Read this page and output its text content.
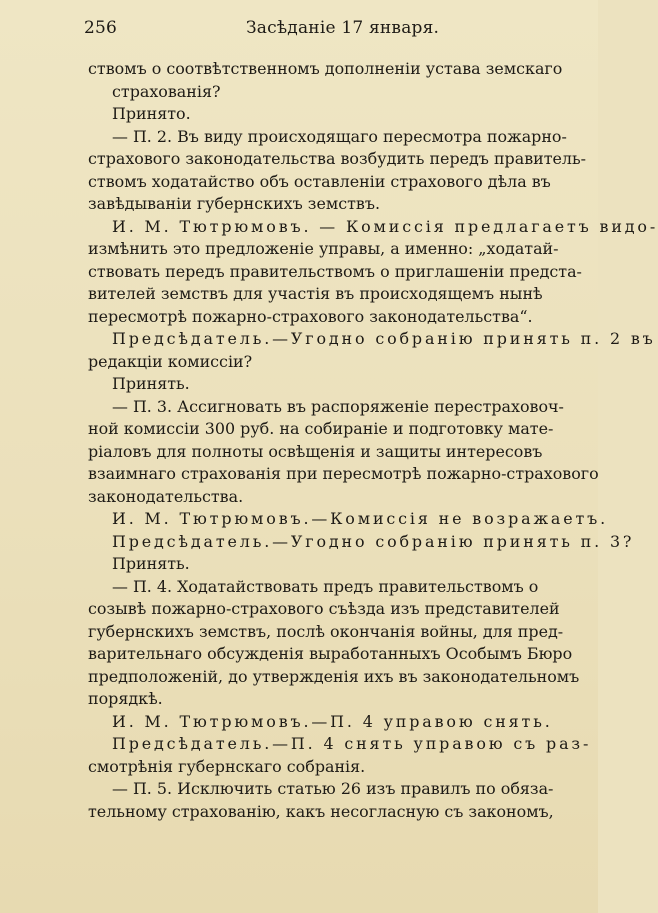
256	Засѣданіе 17 января.
ствомъ о соотвѣтственномъ дополненіи устава земскаго
страхованія?
Принято.
— П. 2. Въ виду происходящаго пересмотра пожарно-
страхового законодательства возбудить передъ правитель-
ствомъ ходатайство объ оставленіи страхового дѣла въ
завѣдываніи губернскихъ земствъ.
И. М. Тютрюмовъ. — Комиссія предлагаетъ видо-
измѣнить это предложеніе управы, а именно: „ходатай-
ствовать передъ правительствомъ о приглашеніи предста-
вителей земствъ для участія въ происходящемъ нынѣ
пересмотрѣ пожарно-страхового законодательства“.
Предсѣдатель.—Угодно собранію принять п. 2 въ
редакціи комиссіи?
Принять.
— П. 3. Ассигновать въ распоряженіе перестраховоч-
ной комиссіи 300 руб. на собираніе и подготовку мате-
ріаловъ для полноты освѣщенія и защиты интересовъ
взаимнаго страхованія при пересмотрѣ пожарно-страхового
законодательства.
И. М. Тютрюмовъ.—Комиссія не возражаетъ.
Предсѣдатель.—Угодно собранію принять п. 3?
Принять.
— П. 4. Ходатайствовать предъ правительствомъ о
созывѣ пожарно-страхового съѣзда изъ представителей
губернскихъ земствъ, послѣ окончанія войны, для пред-
варительнаго обсужденія выработанныхъ Особымъ Бюро
предположеній, до утвержденія ихъ въ законодательномъ
порядкѣ.
И. М. Тютрюмовъ.—П. 4 управою снять.
Предсѣдатель.—П. 4 снять управою съ раз-
смотрѣнія губернскаго собранія.
— П. 5. Исключить статью 26 изъ правилъ по обяза-
тельному страхованію, какъ несогласную съ закономъ,
